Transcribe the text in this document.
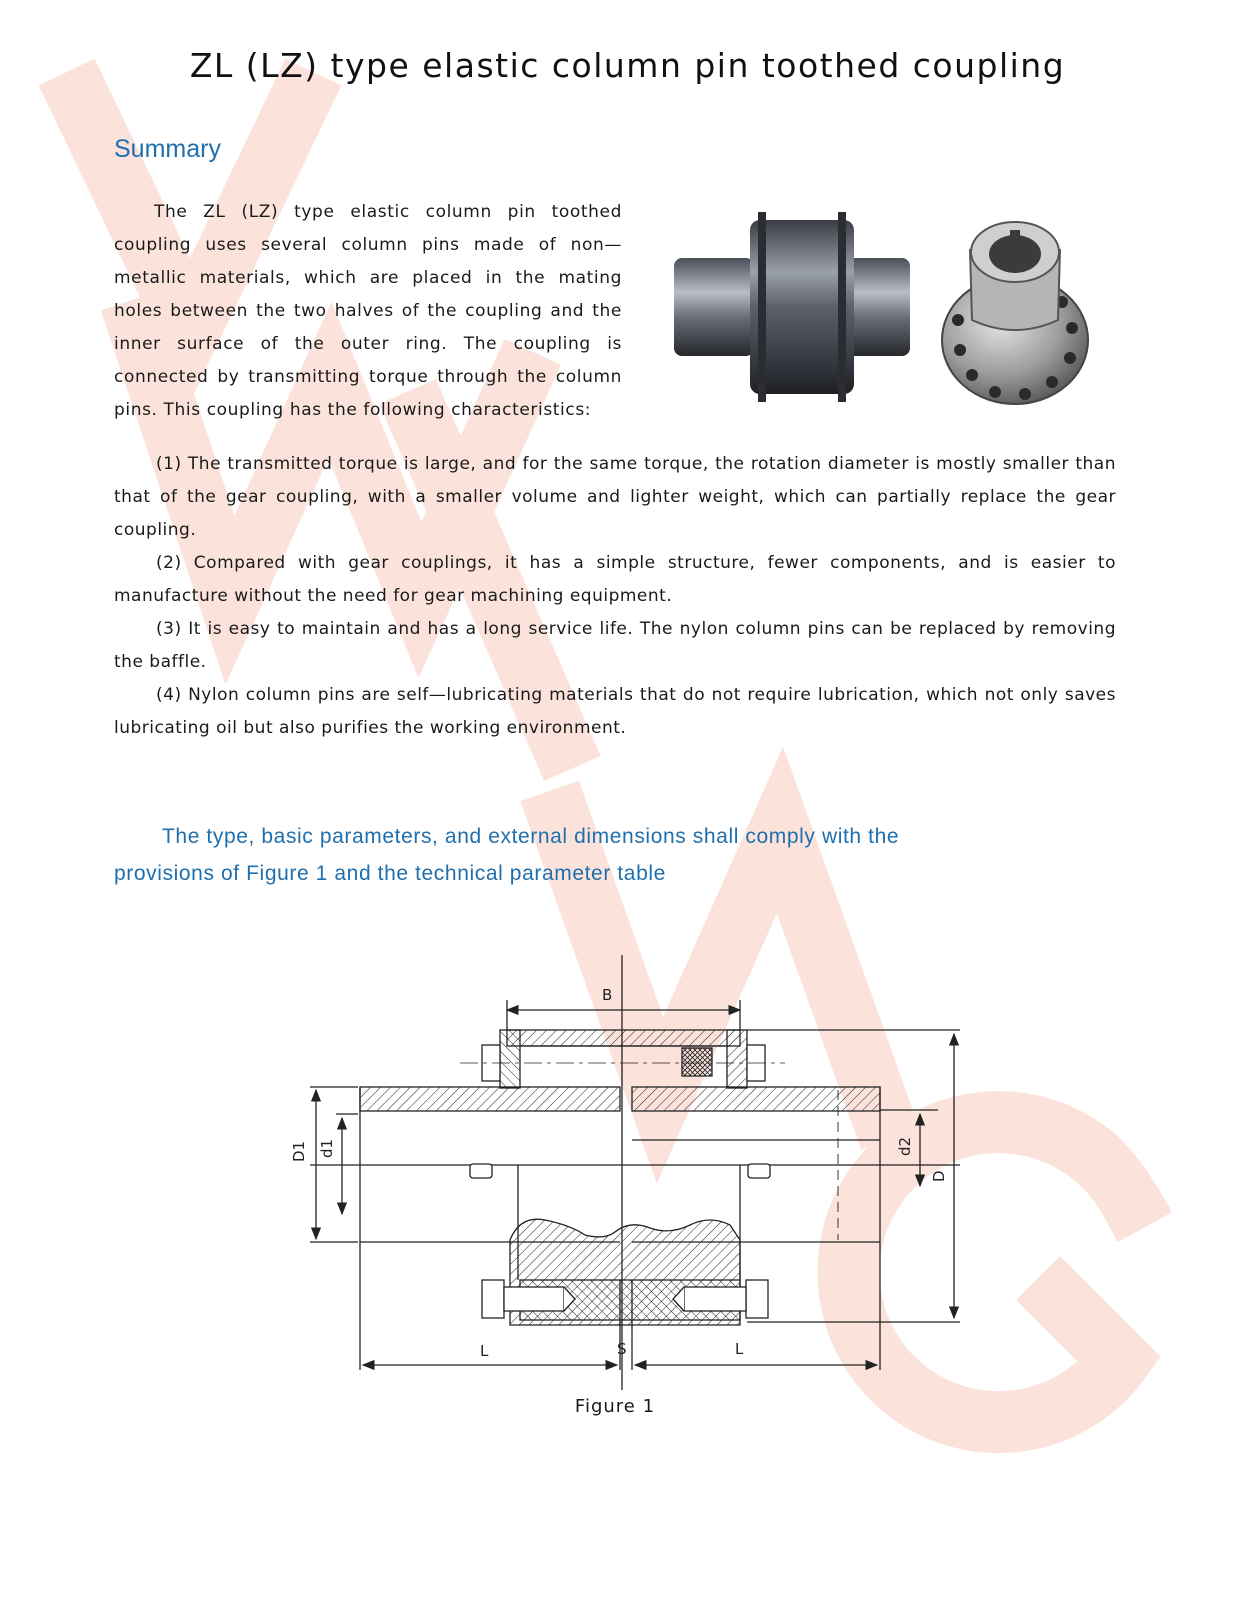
ZL (LZ) type elastic column pin toothed coupling
Summary

The ZL (LZ) type elastic column pin toothed coupling uses several column pins made of non—metallic materials, which are placed in the mating holes between the two halves of the coupling and the inner surface of the outer ring. The coupling is connected by transmitting torque through the column pins. This coupling has the following characteristics:

(1) The transmitted torque is large, and for the same torque, the rotation diameter is mostly smaller than that of the gear coupling, with a smaller volume and lighter weight, which can partially replace the gear coupling.

(2) Compared with gear couplings, it has a simple structure, fewer components, and is easier to manufacture without the need for gear machining equipment.

(3) It is easy to maintain and has a long service life. The nylon column pins can be replaced by removing the baffle.

(4) Nylon column pins are self—lubricating materials that do not require lubrication, which not only saves lubricating oil but also purifies the working environment.

The type, basic parameters, and external dimensions shall comply with the provisions of Figure 1 and the technical parameter table

B
D1 d1	d2
D
L	S	L
Figure 1
